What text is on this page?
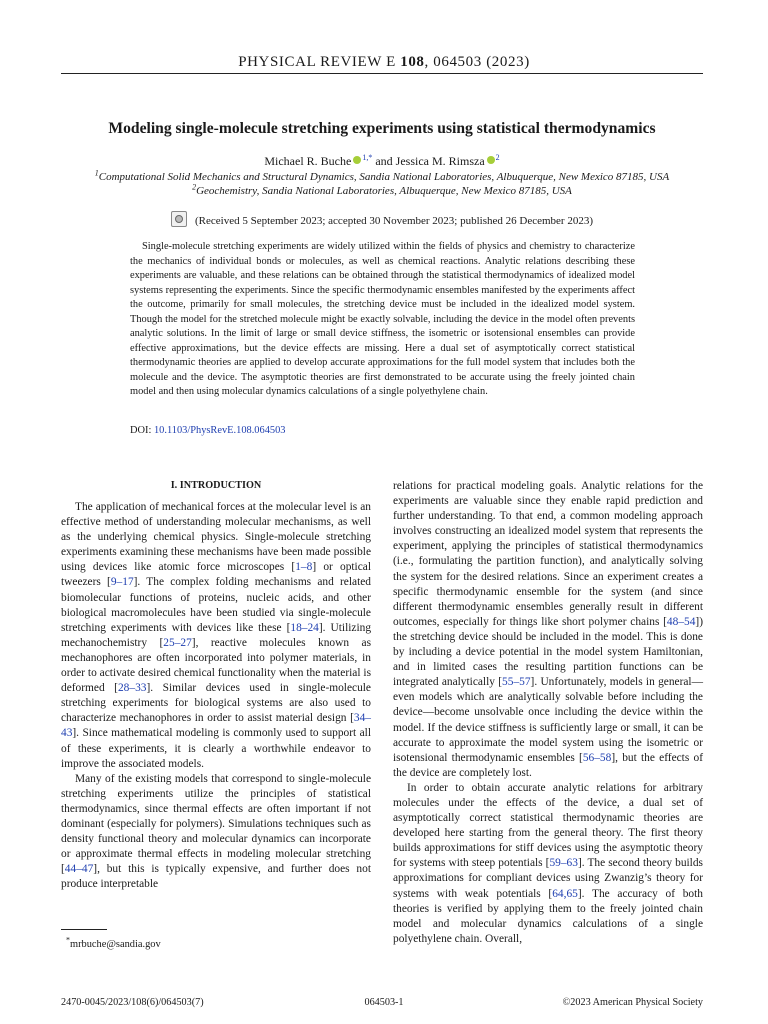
PHYSICAL REVIEW E 108, 064503 (2023)
Modeling single-molecule stretching experiments using statistical thermodynamics
Michael R. Buche $^{1,*}$ and Jessica M. Rimsza $^2$
$^1$Computational Solid Mechanics and Structural Dynamics, Sandia National Laboratories, Albuquerque, New Mexico 87185, USA
$^2$Geochemistry, Sandia National Laboratories, Albuquerque, New Mexico 87185, USA
(Received 5 September 2023; accepted 30 November 2023; published 26 December 2023)
Single-molecule stretching experiments are widely utilized within the fields of physics and chemistry to characterize the mechanics of individual bonds or molecules, as well as chemical reactions. Analytic relations describing these experiments are valuable, and these relations can be obtained through the statistical thermodynamics of idealized model systems representing the experiments. Since the specific thermodynamic ensembles manifested by the experiments affect the outcome, primarily for small molecules, the stretching device must be included in the idealized model system. Though the model for the stretched molecule might be exactly solvable, including the device in the model often prevents analytic solutions. In the limit of large or small device stiffness, the isometric or isotensional ensembles can provide effective approximations, but the device effects are missing. Here a dual set of asymptotically correct statistical thermodynamic theories are applied to develop accurate approximations for the full model system that includes both the molecule and the device. The asymptotic theories are first demonstrated to be accurate using the freely jointed chain model and then using molecular dynamics calculations of a single polyethylene chain.
DOI: 10.1103/PhysRevE.108.064503
I. INTRODUCTION

The application of mechanical forces at the molecular level is an effective method of understanding molecular mechanisms, as well as the underlying chemical physics. Single-molecule stretching experiments examining these mechanisms have been made possible using devices like atomic force microscopes [1–8] or optical tweezers [9–17]. The complex folding mechanisms and related biomolecular functions of proteins, nucleic acids, and other biological macromolecules have been studied via single-molecule stretching experiments with devices like these [18–24]. Utilizing mechanochemistry [25–27], reactive molecules known as mechanophores are often incorporated into polymer materials, in order to activate desired chemical functionality when the material is deformed [28–33]. Similar devices used in single-molecule stretching experiments for biological systems are also used to characterize mechanophores in order to assist material design [34–43]. Since mathematical modeling is commonly used to support all of these experiments, it is clearly a worthwhile endeavor to improve the associated models.

Many of the existing models that correspond to single-molecule stretching experiments utilize the principles of statistical thermodynamics, since thermal effects are often important if not dominant (especially for polymers). Simulations techniques such as density functional theory and molecular dynamics can incorporate or approximate thermal effects in modeling molecular stretching [44–47], but this is typically expensive, and further does not produce interpretable

relations for practical modeling goals. Analytic relations for the experiments are valuable since they enable rapid prediction and further understanding. To that end, a common modeling approach involves constructing an idealized model system that represents the experiment, applying the principles of statistical thermodynamics (i.e., formulating the partition function), and analytically solving the system for the desired relations. Since an experiment creates a specific thermodynamic ensemble for the system (and since different thermodynamic ensembles generally result in different outcomes, especially for things like short polymer chains [48–54]) the stretching device should be included in the model. This is done by including a device potential in the model system Hamiltonian, and in limited cases the resulting partition functions can be integrated analytically [55–57]. Unfortunately, models in general—even models which are analytically solvable before including the device—become unsolvable once including the device within the model. If the device stiffness is sufficiently large or small, it can be accurate to approximate the model system using the isometric or isotensional thermodynamic ensembles [56–58], but the effects of the device are completely lost.

In order to obtain accurate analytic relations for arbitrary molecules under the effects of the device, a dual set of asymptotically correct statistical thermodynamic theories are developed here starting from the general theory. The first theory builds approximations for stiff devices using the asymptotic theory for systems with steep potentials [59–63]. The second theory builds approximations for compliant devices using Zwanzig’s theory for systems with weak potentials [64,65]. The accuracy of both theories is verified by applying them to the freely jointed chain model and molecular dynamics calculations of a single polyethylene chain. Overall,

*mrbuche@sandia.gov
2470-0045/2023/108(6)/064503(7)	064503-1	©2023 American Physical Society
